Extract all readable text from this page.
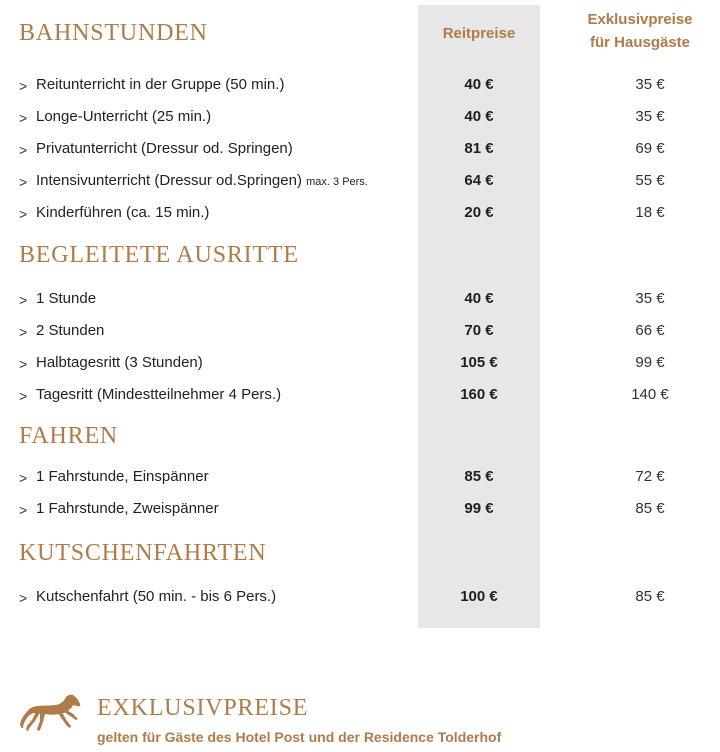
Reitpreise
Exklusivpreise
für Hausgäste
BAHNSTUNDEN
> Reitunterricht in der Gruppe (50 min.)	40 €	35 €
> Longe-Unterricht (25 min.)	40 €	35 €
> Privatunterricht (Dressur od. Springen)	81 €	69 €
> Intensivunterricht (Dressur od.Springen) max. 3 Pers.	64 €	55 €
> Kinderführen (ca. 15 min.)	20 €	18 €
BEGLEITETE AUSRITTE
> 1 Stunde	40 €	35 €
> 2 Stunden	70 €	66 €
> Halbtagesritt (3 Stunden)	105 €	99 €
> Tagesritt (Mindestteilnehmer 4 Pers.)	160 €	140 €
FAHREN
> 1 Fahrstunde, Einspänner	85 €	72 €
> 1 Fahrstunde, Zweispänner	99 €	85 €
KUTSCHENFAHRTEN
> Kutschenfahrt (50 min. - bis 6 Pers.)	100 €	85 €
EXKLUSIVPREISE
gelten für Gäste des Hotel Post und der Residence Tolderhof
